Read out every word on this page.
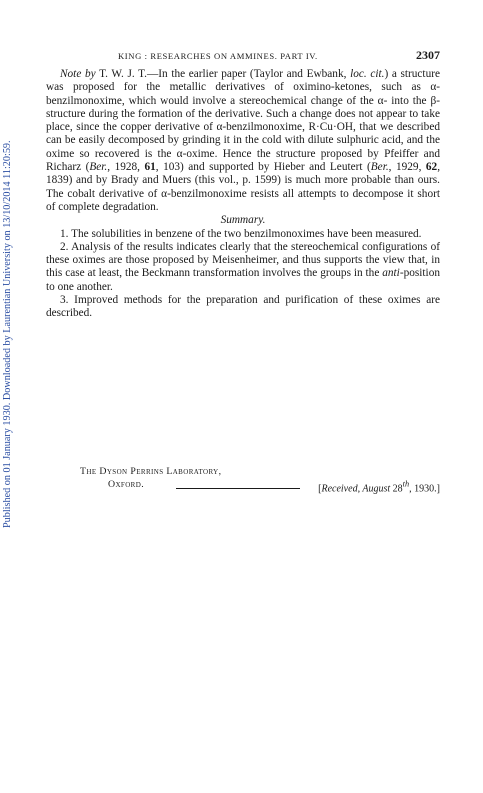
Published on 01 January 1930. Downloaded by Laurentian University on 13/10/2014 11:20:59.
KING : RESEARCHES ON AMMINES. PART IV.	2307

Note by T. W. J. T.—In the earlier paper (Taylor and Ewbank, loc. cit.) a structure was proposed for the metallic derivatives of oximino-ketones, such as α-benzilmonoxime, which would involve a stereochemical change of the α- into the β-structure during the formation of the derivative. Such a change does not appear to take place, since the copper derivative of α-benzilmonoxime, R·Cu·OH, that we described can be easily decomposed by grinding it in the cold with dilute sulphuric acid, and the oxime so recovered is the α-oxime. Hence the structure proposed by Pfeiffer and Richarz (Ber., 1928, 61, 103) and supported by Hieber and Leutert (Ber., 1929, 62, 1839) and by Brady and Muers (this vol., p. 1599) is much more probable than ours. The cobalt derivative of α-benzilmonoxime resists all attempts to decompose it short of complete degradation.

Summary.

1. The solubilities in benzene of the two benzilmonoximes have been measured.

2. Analysis of the results indicates clearly that the stereochemical configurations of these oximes are those proposed by Meisenheimer, and thus supports the view that, in this case at least, the Beckmann transformation involves the groups in the anti-position to one another.

3. Improved methods for the preparation and purification of these oximes are described.

The Dyson Perrins Laboratory,
Oxford.	[Received, August 28th, 1930.]
